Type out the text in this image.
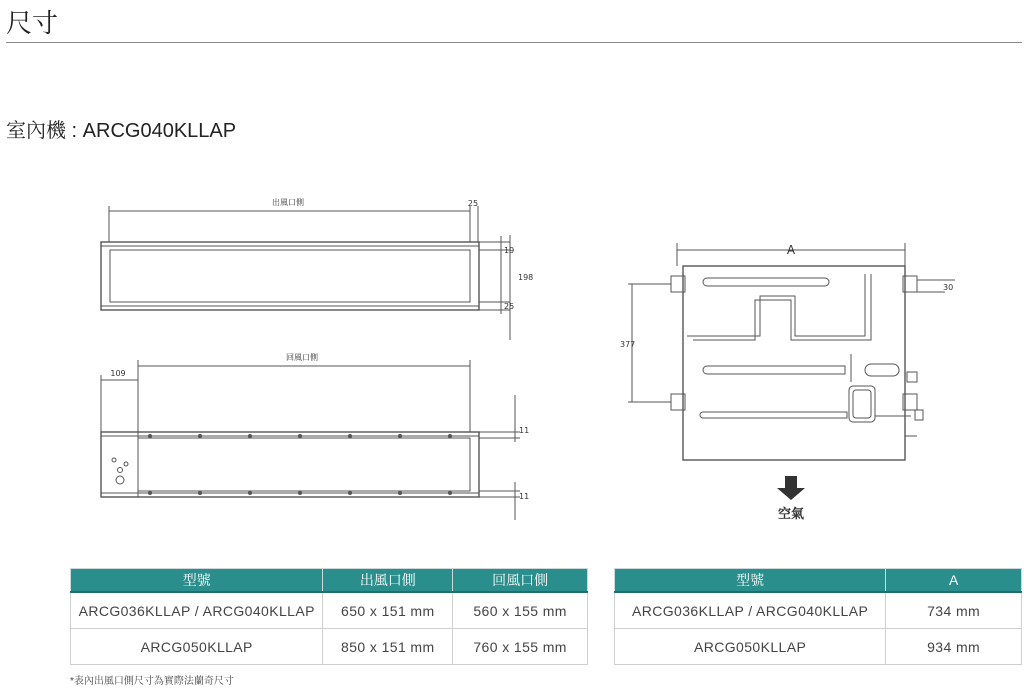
尺寸
室內機 : ARCG040KLLAP
出風口側	25
19
198
25
回風口側
109
11
11
A
30
377
空氣
型號	出風口側	回風口側
ARCG036KLLAP / ARCG040KLLAP	650 x 151 mm	560 x 155 mm
ARCG050KLLAP	850 x 151 mm	760 x 155 mm
型號	A
ARCG036KLLAP / ARCG040KLLAP	734 mm
ARCG050KLLAP	934 mm
*表內出風口側尺寸為實際法蘭奇尺寸
